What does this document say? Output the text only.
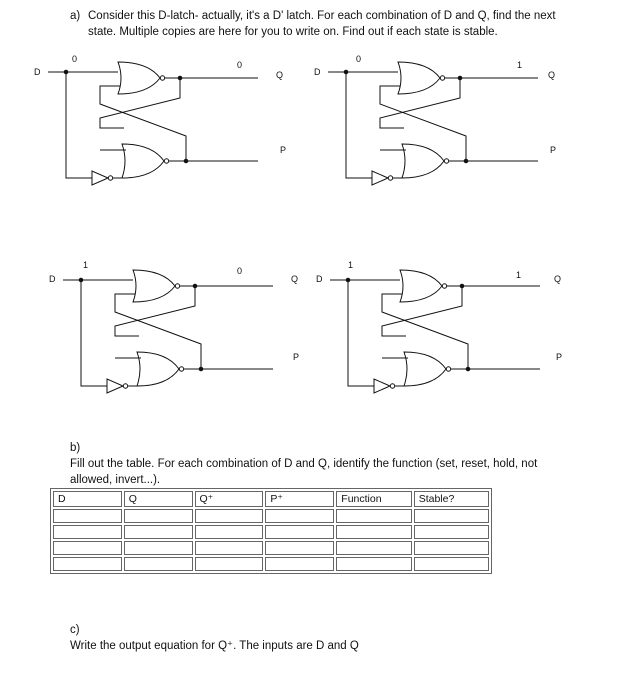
a) Consider this D-latch- actually, it's a D' latch. For each combination of D and Q, find the next state. Multiple copies are here for you to write on. Find out if each state is stable.
D
0
0
Q
P
D
0
1
Q
P
D
1
0
Q
P
D
1
1	Q
P
b)Fill out the table. For each combination of D and Q, identify the function (set, reset, hold, not allowed, invert...).
D	Q	Q⁺	P⁺	Function	Stable?

c)Write the output equation for Q⁺. The inputs are D and Q
